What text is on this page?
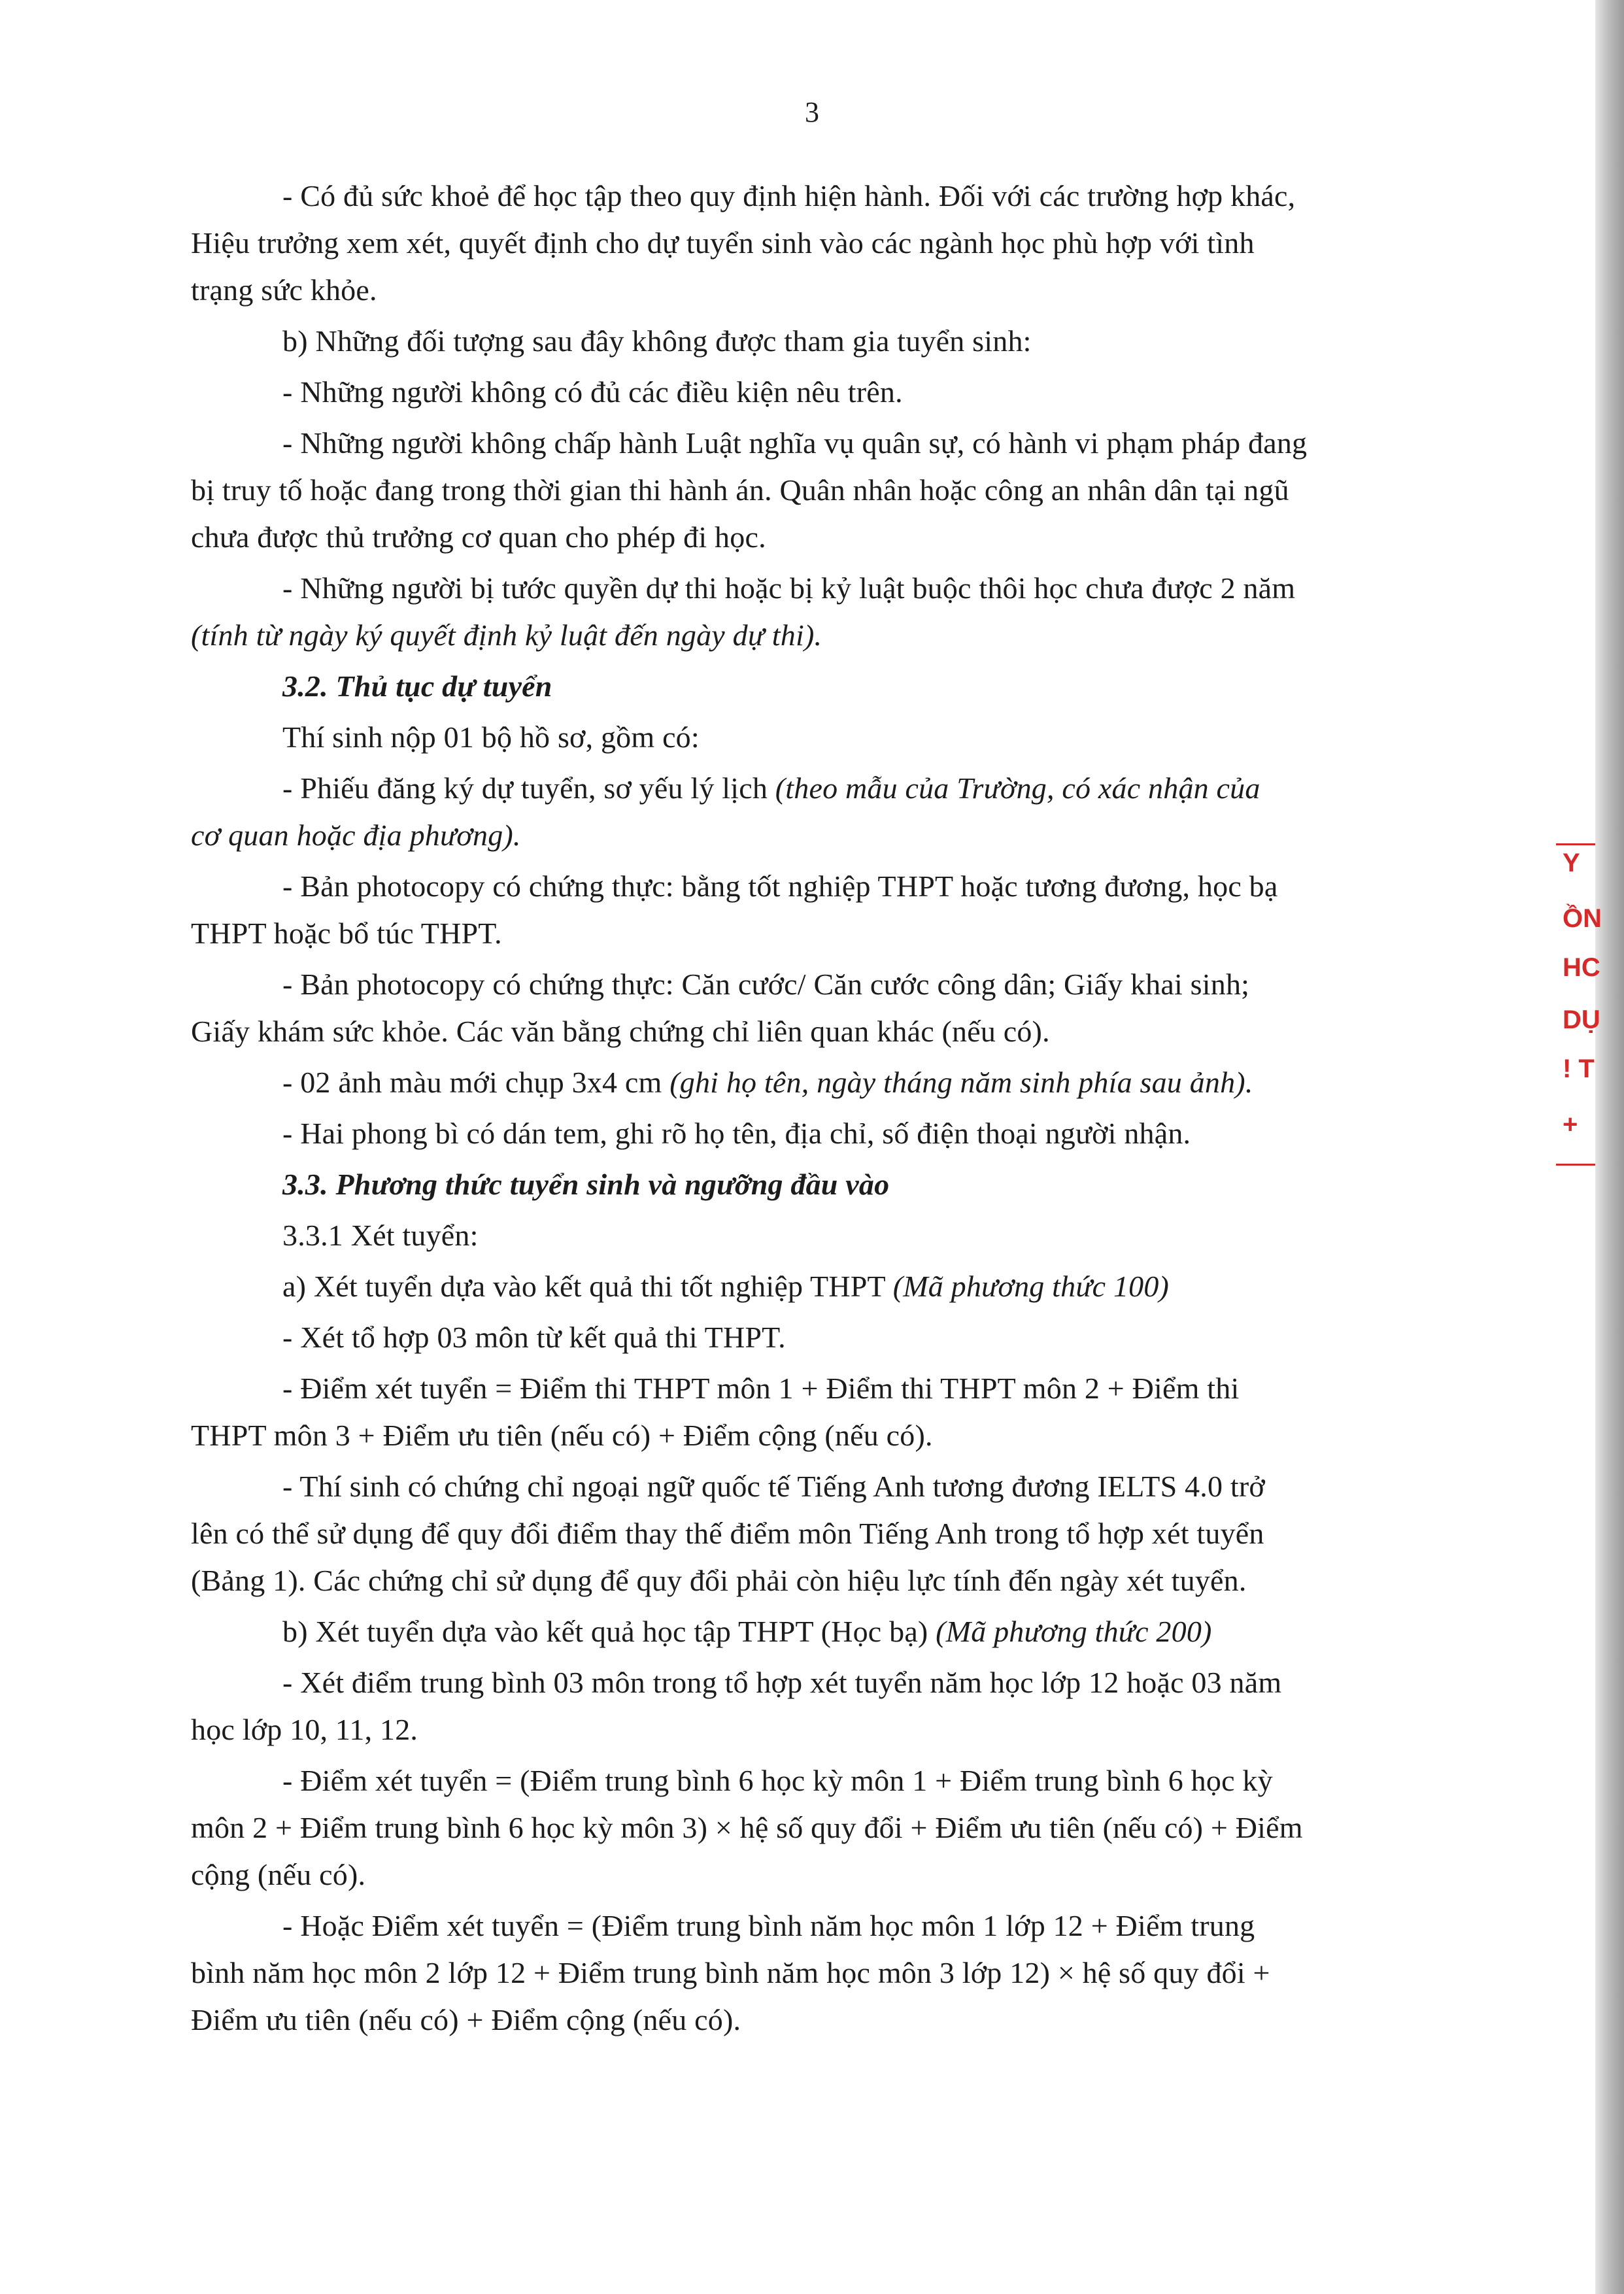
3

- Có đủ sức khoẻ để học tập theo quy định hiện hành. Đối với các trường hợp khác,

Hiệu trưởng xem xét, quyết định cho dự tuyển sinh vào các ngành học phù hợp với tình

trạng sức khỏe.

b) Những đối tượng sau đây không được tham gia tuyển sinh:

- Những người không có đủ các điều kiện nêu trên.

- Những người không chấp hành Luật nghĩa vụ quân sự, có hành vi phạm pháp đang

bị truy tố hoặc đang trong thời gian thi hành án. Quân nhân hoặc công an nhân dân tại ngũ

chưa được thủ trưởng cơ quan cho phép đi học.

- Những người bị tước quyền dự thi hoặc bị kỷ luật buộc thôi học chưa được 2 năm

(tính từ ngày ký quyết định kỷ luật đến ngày dự thi).

3.2. Thủ tục dự tuyển

Thí sinh nộp 01 bộ hồ sơ, gồm có:

- Phiếu đăng ký dự tuyển, sơ yếu lý lịch (theo mẫu của Trường, có xác nhận của

cơ quan hoặc địa phương).

- Bản photocopy có chứng thực: bằng tốt nghiệp THPT hoặc tương đương, học bạ

THPT hoặc bổ túc THPT.

- Bản photocopy có chứng thực: Căn cước/ Căn cước công dân; Giấy khai sinh;

Giấy khám sức khỏe. Các văn bằng chứng chỉ liên quan khác (nếu có).

- 02 ảnh màu mới chụp 3x4 cm (ghi họ tên, ngày tháng năm sinh phía sau ảnh).

- Hai phong bì có dán tem, ghi rõ họ tên, địa chỉ, số điện thoại người nhận.

3.3. Phương thức tuyển sinh và ngưỡng đầu vào

3.3.1 Xét tuyển:

a) Xét tuyển dựa vào kết quả thi tốt nghiệp THPT (Mã phương thức 100)

- Xét tổ hợp 03 môn từ kết quả thi THPT.

- Điểm xét tuyển = Điểm thi THPT môn 1 + Điểm thi THPT môn 2 + Điểm thi

THPT môn 3 + Điểm ưu tiên (nếu có) + Điểm cộng (nếu có).

- Thí sinh có chứng chỉ ngoại ngữ quốc tế Tiếng Anh tương đương IELTS 4.0 trở

lên có thể sử dụng để quy đổi điểm thay thế điểm môn Tiếng Anh trong tổ hợp xét tuyển

(Bảng 1). Các chứng chỉ sử dụng để quy đổi phải còn hiệu lực tính đến ngày xét tuyển.

b) Xét tuyển dựa vào kết quả học tập THPT (Học bạ) (Mã phương thức 200)

- Xét điểm trung bình 03 môn trong tổ hợp xét tuyển năm học lớp 12 hoặc 03 năm

học lớp 10, 11, 12.

- Điểm xét tuyển = (Điểm trung bình 6 học kỳ môn 1 + Điểm trung bình 6 học kỳ

môn 2 + Điểm trung bình 6 học kỳ môn 3) × hệ số quy đổi + Điểm ưu tiên (nếu có) + Điểm

cộng (nếu có).

- Hoặc Điểm xét tuyển = (Điểm trung bình năm học môn 1 lớp 12 + Điểm trung

bình năm học môn 2 lớp 12 + Điểm trung bình năm học môn 3 lớp 12) × hệ số quy đổi +

Điểm ưu tiên (nếu có) + Điểm cộng (nếu có).

Y
ỒN
HC
DỤ
! T
+
